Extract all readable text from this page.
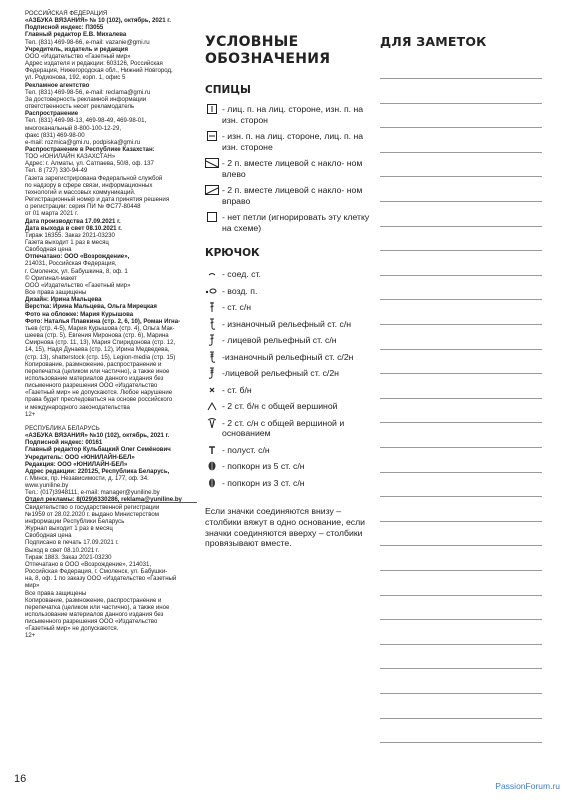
РОССИЙСКАЯ ФЕДЕРАЦИЯ

«АЗБУКА ВЯЗАНИЯ» № 10 (102), октябрь, 2021 г.

Подписной индекс: П3055

Главный редактор Е.В. Михалева

Тел. (831) 469-98-66, e-mail: vazanie@gmi.ru

Учредитель, издатель и редакция

ООО «Издательство «Газетный мир»

Адрес издателя и редакции: 603126, Российская

Федерация, Нижегородская обл., Нижний Новгород,

ул. Родионова, 192, корп. 1, офис 5

Рекламное агентство

Тел. (831) 469-98-56, e-mail: reclama@gmi.ru

За достоверность рекламной информации

ответственность несет рекламодатель

Распространение

Тел. (831) 469-98-13, 469-98-49, 469-98-01,

многоканальный 8-800-100-12-29,

факс (831) 469-98-00

e-mail: rozmica@gmi.ru, podpiska@gmi.ru

Распространение в Республике Казахстан:

ТОО «ЮНИЛАЙН КАЗАХСТАН»

Адрес: г. Алматы, ул. Сатпаева, 50/8, оф. 137

Тел. 8 (727) 330-94-49

Газета зарегистрирована Федеральной службой

по надзору в сфере связи, информационных

технологий и массовых коммуникаций.

Регистрационный номер и дата принятия решения

о регистрации: серия ПИ № ФС77-80448

от 01 марта 2021 г.

Дата производства 17.09.2021 г.

Дата выхода в свет 08.10.2021 г.

Тираж 16355. Заказ 2021-03230

Газета выходит 1 раз в месяц

Свободная цена

Отпечатано: ООО «Возрождение»,

214031, Российская Федерация,

г. Смоленск, ул. Бабушкина, 8, оф. 1

© Оригинал-макет

ООО «Издательство «Газетный мир»

Все права защищены

Дизайн: Ирина Мальцева

Верстка: Ирина Мальцева, Ольга Мирецкая

Фото на обложке: Мария Курышова

Фото: Наталья Плавкина (стр. 2, 6, 10), Роман Игна-

тьев (стр. 4-5), Мария Курышова (стр. 4), Ольга Мак-

шеева (стр. 5), Евгения Миронова (стр. 6), Марина

Смирнова (стр. 11, 13), Мария Спиридонова (стр. 12,

14, 15), Надя Дунаева (стр. 12), Ирина Медведева,

(стр. 13), shatterstock (стр. 15), Legion-media (стр. 15)

Копирование, размножение, распространение и

перепечатка (целиком или частично), а также иное

использование материалов данного издания без

письменного разрешения ООО «Издательство

«Газетный мир» не допускаются. Любое нарушение

права будет преследоваться на основе российского

и международного законодательства

12+

РЕСПУБЛИКА БЕЛАРУСЬ

«АЗБУКА ВЯЗАНИЯ» №10 (102), октябрь, 2021 г.

Подписной индекс: 00161

Главный редактор Кульбацкий Олег Семёнович

Учредитель: ООО «ЮНИЛАЙН-БЕЛ»

Редакция: ООО «ЮНИЛАЙН-БЕЛ»

Адрес редакции: 220125, Республика Беларусь,

г. Минск, пр. Независимости, д. 177, оф. 34.

www.yuniline.by

Тел.: (017)3948111, e-mail: manager@yuniline.by

Отдел рекламы: 8(029)6330286, reklama@yuniline.by

Свидетельство о государственной регистрации

№1959 от 28.02.2020 г. выдано Министерством

информации Республики Беларусь

Журнал выходит 1 раз в месяц

Свободная цена

Подписано в печать 17.09.2021 г.

Выход в свет 08.10.2021 г.

Тираж 1883. Заказ 2021-03230

Отпечатано в ООО «Возрождение», 214031,

Российская Федерация, г. Смоленск, ул. Бабушки-

на, 8, оф. 1 по заказу ООО «Издательство «Газетный

мир»

Все права защищены

Копирование, размножение, распространение и

перепечатка (целиком или частично), а также иное

использование материалов данного издания без

письменного разрешения ООО «Издательство

«Газетный мир» не допускаются.

12+

УСЛОВНЫЕ

ОБОЗНАЧЕНИЯ

СПИЦЫ

- лиц. п. на лиц. стороне, изн. п. на изн. сторон
- изн. п. на лиц. стороне, лиц. п. на изн. стороне
- 2 п. вместе лицевой с накло- ном влево
- 2 п. вместе лицевой с накло- ном вправо
- нет петли (игнорировать эту клетку на схеме)

КРЮЧОК

- соед. ст.
- возд. п.
- ст. с/н
- изнаночный рельефный ст. с/н
- лицевой рельефный ст. с/н
-изнаночный рельефный ст. с/2н
-лицевой рельефный ст. с/2н
- ст. б/н
- 2 ст. б/н с общей вершиной
- 2 ст. с/н с общей вершиной и основанием
- полуст. с/н
- попкорн из 5 ст. с/н
- попкорн из 3 ст. с/н

Если значки соединяются внизу – столбики вяжут в одно основание, если значки соединяются вверху – столбики провязывают вместе.

ДЛЯ ЗАМЕТОК

16
PassionForum.ru
